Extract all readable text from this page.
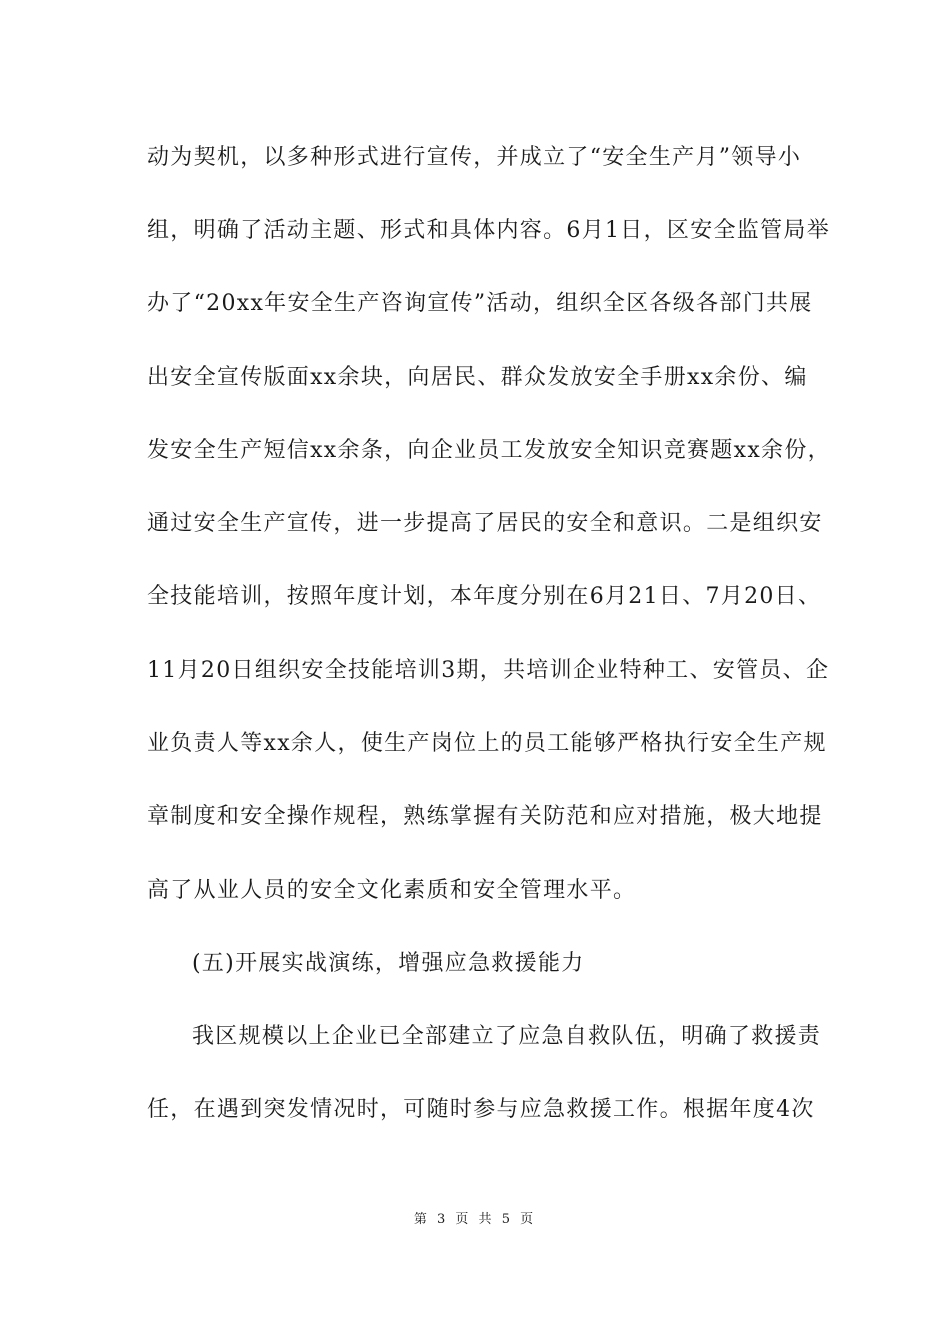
动为契机，以多种形式进行宣传，并成立了“安全生产月”领导小
组，明确了活动主题、形式和具体内容。6月1日，区安全监管局举
办了“20xx年安全生产咨询宣传”活动，组织全区各级各部门共展
出安全宣传版面xx余块，向居民、群众发放安全手册xx余份、编
发安全生产短信xx余条，向企业员工发放安全知识竞赛题xx余份，
通过安全生产宣传，进一步提高了居民的安全和意识。二是组织安
全技能培训，按照年度计划，本年度分别在6月21日、7月20日、
11月20日组织安全技能培训3期，共培训企业特种工、安管员、企
业负责人等xx余人，使生产岗位上的员工能够严格执行安全生产规
章制度和安全操作规程，熟练掌握有关防范和应对措施，极大地提
高了从业人员的安全文化素质和安全管理水平。
(五)开展实战演练，增强应急救援能力
我区规模以上企业已全部建立了应急自救队伍，明确了救援责
任，在遇到突发情况时，可随时参与应急救援工作。根据年度4次
第 3 页 共 5 页
